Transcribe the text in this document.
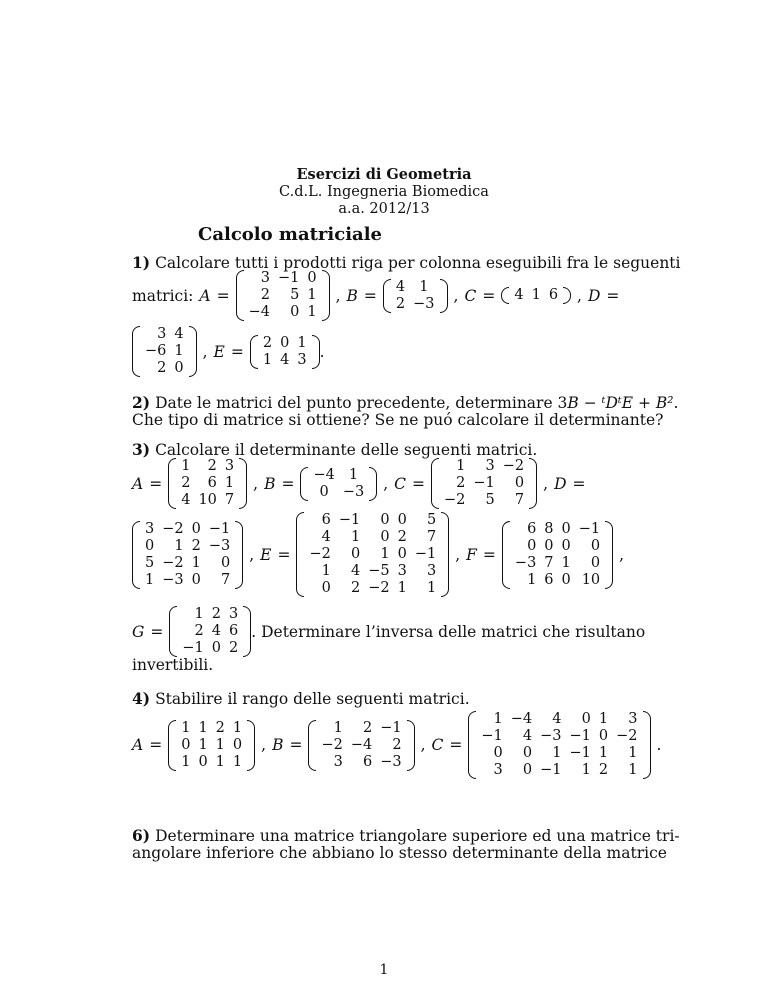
Esercizi di Geometria
C.d.L. Ingegneria Biomedica
a.a. 2012/13
Calcolo matriciale
1) Calcolare tutti i prodotti riga per colonna eseguibili fra le seguenti
matrici: A =
3	−1	0
2	5	1
−4	0	1
, B =	4	1
2	−3	, C =	4	1	6	, D =
3	4
−6	1
2	0
, E =	2	0	1
1	4	3 .
2) Date le matrici del punto precedente, determinare 3B − ᵗDᵗE + B².
Che tipo di matrice si ottiene? Se ne puó calcolare il determinante?
3) Calcolare il determinante delle seguenti matrici.
A =
1	2	3
2	6	1
4	10	7
, B =	−4	1
0	−3	, C =
1	3	−2
2	−1	0
−2	5	7
, D =
3	−2	0	−1
0	1	2	−3
5	−2	1	0
1	−3	0	7
, E =
6	−1	0	0	5
4	1	0	2	7
−2	0	1	0	−1
1	4	−5	3	3
0	2	−2	1	1
, F =
6	8	0	−1
0	0	0	0
−3	7	1	0
1	6	0	10
,
G =
1	2	3
2	4	6
−1	0	2
. Determinare l’inversa delle matrici che risultano
invertibili.
4) Stabilire il rango delle seguenti matrici.
A =
1	1	2	1
0	1	1	0
1	0	1	1
, B =
1	2	−1
−2	−4	2
3	6	−3
, C =
1	−4	4	0	1	3
−1	4	−3	−1	0	−2
0	0	1	−1	1	1
3	0	−1	1	2	1
.
6) Determinare una matrice triangolare superiore ed una matrice tri-
angolare inferiore che abbiano lo stesso determinante della matrice
1
